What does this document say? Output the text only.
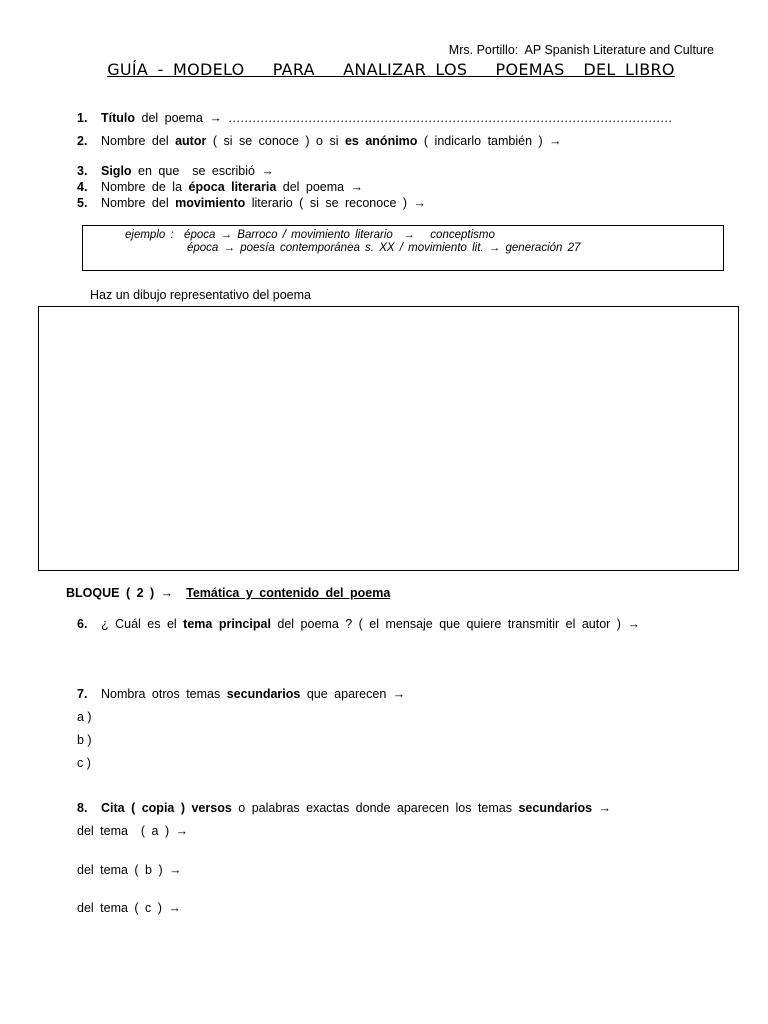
Mrs. Portillo: AP Spanish Literature and Culture
GUÍA - MODELO   PARA   ANALIZAR LOS   POEMAS  DEL LIBRO
1. Título del poema → …………………………………………………………………………………………………
2. Nombre del autor ( si se conoce ) o si es anónimo ( indicarlo también ) →
3. Siglo en que  se escribió →
4. Nombre de la época literaria del poema →
5. Nombre del movimiento literario ( si se reconoce ) →
ejemplo :  época → Barroco / movimiento literario  →   conceptismo
época → poesía contemporánea s. XX / movimiento lit. → generación 27
Haz un dibujo representativo del poema
BLOQUE ( 2 ) → Temática y contenido del poema
6. ¿ Cuál es el tema principal del poema ? ( el mensaje que quiere transmitir el autor ) →
7. Nombra otros temas secundarios que aparecen →
a )
b )
c )
8. Cita ( copia ) versos o palabras exactas donde aparecen los temas secundarios →
del tema  ( a ) →
del tema ( b ) →
del tema ( c ) →
